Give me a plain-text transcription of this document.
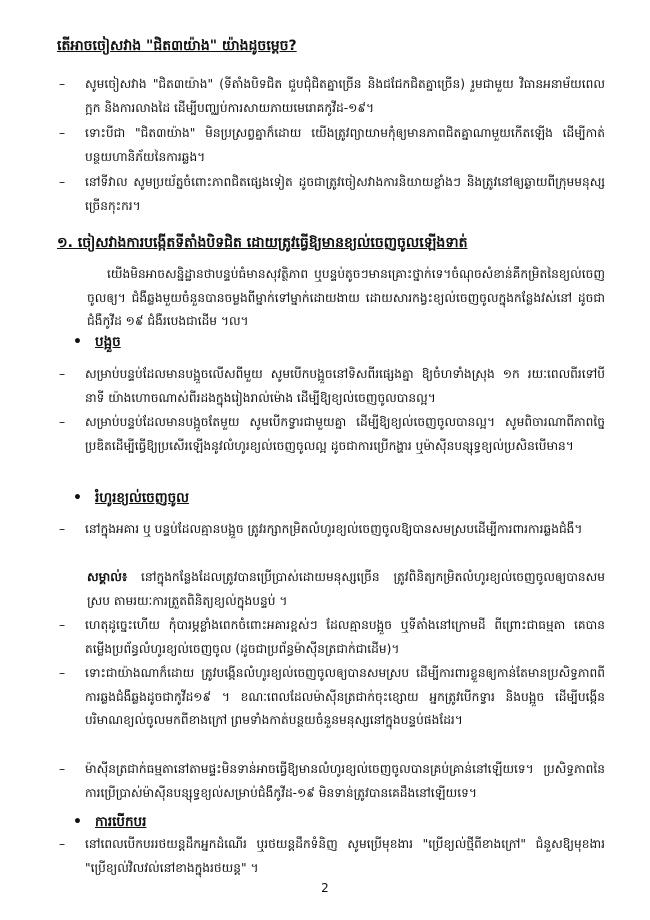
តើអាចចៀសវាង "ជិត៣យ៉ាង" យ៉ាងដូចម្តេច?

– សូមចៀសវាង "ជិត៣យ៉ាង" (ទីតាំងបិទជិត ជួបជុំជិតគ្នាច្រើន និងជជែកជិតគ្នាច្រើន) រួមជាមួយ វិធានអនាម័យពេលក្អក និងការលាងដៃ ដើម្បីបញ្ឈប់ការសាយភាយមេរោគកូវីដ-១៩។
– ទោះបីជា "ជិត៣យ៉ាង" មិនប្រស្រព្វគ្នាក៏ដោយ យើងត្រូវព្យាយាមកុំឲ្យមានភាពជិតគ្នាណាមួយកើតឡើង ដើម្បីកាត់បន្ថយហានិភ័យនៃការឆ្លង។
– នៅទីវាល សូមប្រយ័ត្នចំពោះភាពជិតផ្សេងទៀត ដូចជាត្រូវចៀសវាងការនិយាយខ្លាំងៗ និងត្រូវនៅឲ្យឆ្ងាយពីក្រុមមនុស្សច្រើនកុះករ។

១. ចៀសវាងការបង្កើតទីតាំងបិទជិត ដោយត្រូវធ្វើឱ្យមានខ្យល់ចេញចូលឡើងទាត់

យើងមិនអាចសន្និដ្ឋានថាបន្ទប់ធំមានសុវត្ថិភាព ឬបន្ទប់តូចៗមានគ្រោះថ្នាក់ទេ។ចំណុចសំខាន់គឺកម្រិតនៃខ្យល់ចេញចូលឲ្យ។ ជំងឺឆ្លងមួយចំនួនបានចម្លងពីម្នាក់ទៅម្នាក់ដោយងាយ ដោយសារកង្វះខ្យល់ចេញចូលក្នុងកន្លែងវស់នៅ ដូចជាជំងឺកូវីដ ១៩ ជំងឺរបេងជាដើម ។ល។

• បង្អួច

– សម្រាប់បន្ទប់ដែលមានបង្អួចលើសពីមួយ សូមបើកបង្អួចនៅទិសពីរផ្សេងគ្នា ឱ្យចំហទាំងស្រុង ១ក រយៈពេលពីរទៅបីនាទី យ៉ាងហោចណាស់ពីរដងក្នុងរៀងរាល់ម៉ោង ដើម្បីឱ្យខ្យល់ចេញចូលបានល្អ។
– សម្រាប់បន្ទប់ដែលមានបង្អួចតែមួយ សូមបើកទ្វារជាមួយគ្នា ដើម្បីឱ្យខ្យល់ចេញចូលបានល្អ។ សូមពិចារណាពីភាពច្នៃប្រឌិតដើម្បីធ្វើឱ្យប្រសើរឡើងនូវលំហូរខ្យល់ចេញចូលល្អ ដូចជាការប្រើកង្ហារ ឬម៉ាស៊ីនបន្សុទ្ធខ្យល់ប្រសិនបើមាន។

• រំហូរខ្យល់ចេញចូល

– នៅក្នុងអគារ ឬ បន្ទប់ដែលគ្មានបង្អួច ត្រូវរក្សាកម្រិតលំហូរខ្យល់ចេញចូលឱ្យបានសមស្របដើម្បីការពារការឆ្លងជំងឺ។

សម្គាល់៖ នៅក្នុងកន្លែងដែលត្រូវបានប្រើប្រាស់ដោយមនុស្សច្រើន ត្រូវពិនិត្យកម្រិតលំហូរខ្យល់ចេញចូលឲ្យបានសមស្រប តាមរយៈការត្រួតពិនិត្យខ្យល់ក្នុងបន្ទប់ ។

– ហេតុដូច្នេះហើយ កុំបារម្ភខ្លាំងពេកចំពោះអគារខ្ពស់ៗ ដែលគ្មានបង្អួច ឬទីតាំងនៅក្រោមដី ពីព្រោះជាធម្មតា គេបានតម្លើងប្រព័ន្ធលំហូរខ្យល់ចេញចូល (ដូចជាប្រព័ន្ធម៉ាស៊ីនត្រជាក់ជាដើម)។
– ទោះជាយ៉ាងណាក៏ដោយ ត្រូវបង្កើនលំហូរខ្យល់ចេញចូលឲ្យបានសមស្រប ដើម្បីការពារខ្លួនឲ្យកាន់តែមានប្រសិទ្ធភាពពីការឆ្លងជំងឺឆ្លងដូចជាកូវីដ១៩ ។ ខណៈពេលដែលម៉ាស៊ីនត្រជាក់ចុះខ្សោយ អ្នកត្រូវបើកទ្វារ និងបង្អួច ដើម្បីបង្កើនបរិមាណខ្យល់ចូលមកពីខាងក្រៅ ព្រមទាំងកាត់បន្ថយចំនួនមនុស្សនៅក្នុងបន្ទប់ផងដែរ។
– ម៉ាស៊ីនត្រជាក់ធម្មតានៅតាមផ្ទះមិនទាន់អាចធ្វើឱ្យមានលំហូរខ្យល់ចេញចូលបានគ្រប់គ្រាន់នៅឡើយទេ។ ប្រសិទ្ធភាពនៃការប្រើប្រាស់ម៉ាស៊ីនបន្សុទ្ធខ្យល់សម្រាប់ជំងឺកូវីដ-១៩ មិនទាន់ត្រូវបានគេដឹងនៅឡើយទេ។

• ការបើកបរ

– នៅពេលបើកបររថយន្តដឹកអ្នកដំណើរ ឬរថយន្តដឹកទំនិញ សូមប្រើមុខងារ "ប្រើខ្យល់ថ្មីពីខាងក្រៅ" ជំនួសឱ្យមុខងារ "ប្រើខ្យល់វិលវល់នៅខាងក្នុងរថយន្ត" ។
2
